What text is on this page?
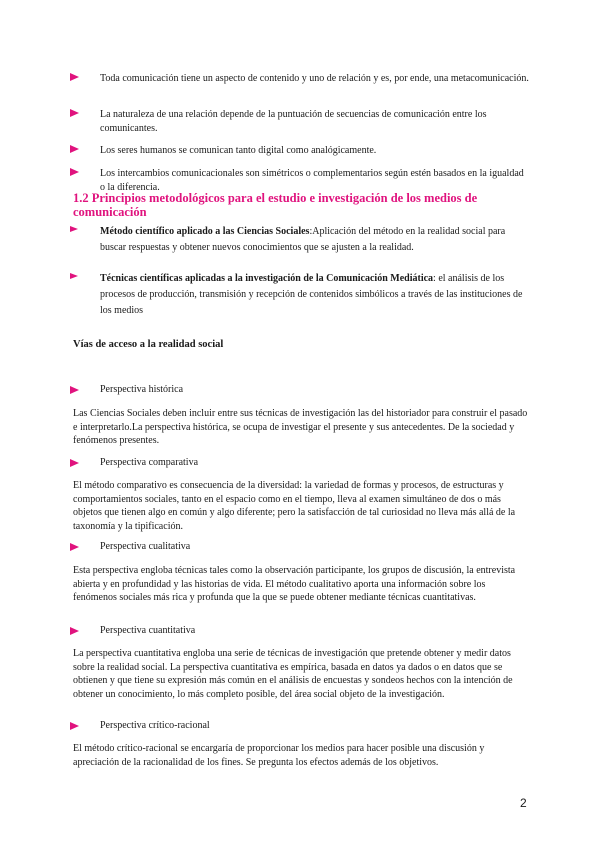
Toda comunicación tiene un aspecto de contenido y uno de relación y es, por ende, una metacomunicación.
La naturaleza de una relación depende de la puntuación de secuencias de comunicación entre los comunicantes.
Los seres humanos se comunican tanto digital como analógicamente.
Los intercambios comunicacionales son simétricos o complementarios según estén basados en la igualdad o la diferencia.
1.2 Principios metodológicos para el estudio e investigación de los medios de comunicación
Método científico aplicado a las Ciencias Sociales:Aplicación del método en la realidad social para buscar respuestas y obtener nuevos conocimientos que se ajusten a la realidad.
Técnicas científicas aplicadas a la investigación de la Comunicación Mediática: el análisis de los procesos de producción, transmisión y recepción de contenidos simbólicos a través de las instituciones de los medios
Vías de acceso a la realidad social
Perspectiva histórica
Las Ciencias Sociales deben incluir entre sus técnicas de investigación las del historiador para construir el pasado e interpretarlo.La perspectiva histórica, se ocupa de investigar el presente y sus antecedentes. De la sociedad y fenómenos presentes.
Perspectiva comparativa
El método comparativo es consecuencia de la diversidad: la variedad de formas y procesos, de estructuras y comportamientos sociales, tanto en el espacio como en el tiempo, lleva al examen simultáneo de dos o más objetos que tienen algo en común y algo diferente; pero la satisfacción de tal curiosidad no lleva más allá de la taxonomía y la tipificación.
Perspectiva cualitativa
Esta perspectiva engloba técnicas tales como la observación participante, los grupos de discusión, la entrevista abierta y en profundidad y las historias de vida. El método cualitativo aporta una información sobre los fenómenos sociales más rica y profunda que la que se puede obtener mediante técnicas cuantitativas.
Perspectiva cuantitativa
La perspectiva cuantitativa engloba una serie de técnicas de investigación que pretende obtener y medir datos sobre la realidad social. La perspectiva cuantitativa es empírica, basada en datos ya dados o en datos que se obtienen y que tiene su expresión más común en el análisis de encuestas y sondeos hechos con la intención de obtener un conocimiento, lo más completo posible, del área social objeto de la investigación.
Perspectiva crítico-racional
El método crítico-racional se encargaría de proporcionar los medios para hacer posible una discusión y apreciación de la racionalidad de los fines. Se pregunta los efectos además de los objetivos.
2
